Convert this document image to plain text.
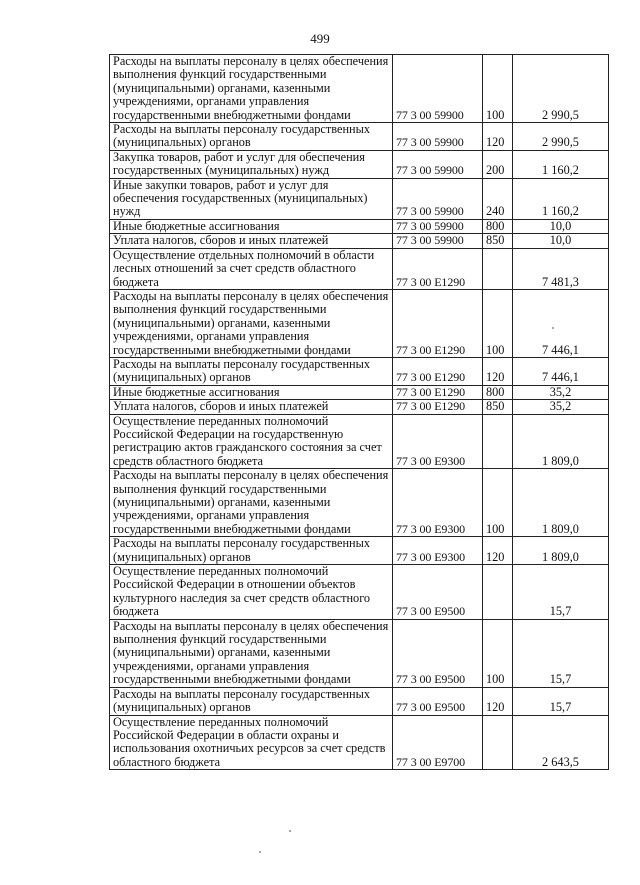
499
Расходы на выплаты персоналу в целях обеспечения выполнения функций государственными (муниципальными) органами, казенными учреждениями, органами управления государственными внебюджетными фондами	77 3 00 59900	100	2 990,5
Расходы на выплаты персоналу государственных (муниципальных) органов	77 3 00 59900	120	2 990,5
Закупка товаров, работ и услуг для обеспечения государственных (муниципальных) нужд	77 3 00 59900	200	1 160,2
Иные закупки товаров, работ и услуг для обеспечения государственных (муниципальных) нужд	77 3 00 59900	240	1 160,2
Иные бюджетные ассигнования	77 3 00 59900	800	10,0
Уплата налогов, сборов и иных платежей	77 3 00 59900	850	10,0
Осуществление отдельных полномочий в области лесных отношений за счет средств областного бюджета	77 3 00 E1290		7 481,3
Расходы на выплаты персоналу в целях обеспечения выполнения функций государственными (муниципальными) органами, казенными учреждениями, органами управления государственными внебюджетными фондами	77 3 00 E1290	100	7 446,1
Расходы на выплаты персоналу государственных (муниципальных) органов	77 3 00 E1290	120	7 446,1
Иные бюджетные ассигнования	77 3 00 E1290	800	35,2
Уплата налогов, сборов и иных платежей	77 3 00 E1290	850	35,2
Осуществление переданных полномочий Российской Федерации на государственную регистрацию актов гражданского состояния за счет средств областного бюджета	77 3 00 E9300		1 809,0
Расходы на выплаты персоналу в целях обеспечения выполнения функций государственными (муниципальными) органами, казенными учреждениями, органами управления государственными внебюджетными фондами	77 3 00 E9300	100	1 809,0
Расходы на выплаты персоналу государственных (муниципальных) органов	77 3 00 E9300	120	1 809,0
Осуществление переданных полномочий Российской Федерации в отношении объектов культурного наследия за счет средств областного бюджета	77 3 00 E9500		15,7
Расходы на выплаты персоналу в целях обеспечения выполнения функций государственными (муниципальными) органами, казенными учреждениями, органами управления государственными внебюджетными фондами	77 3 00 E9500	100	15,7
Расходы на выплаты персоналу государственных (муниципальных) органов	77 3 00 E9500	120	15,7
Осуществление переданных полномочий Российской Федерации в области охраны и использования охотничьих ресурсов за счет средств областного бюджета	77 3 00 E9700		2 643,5
